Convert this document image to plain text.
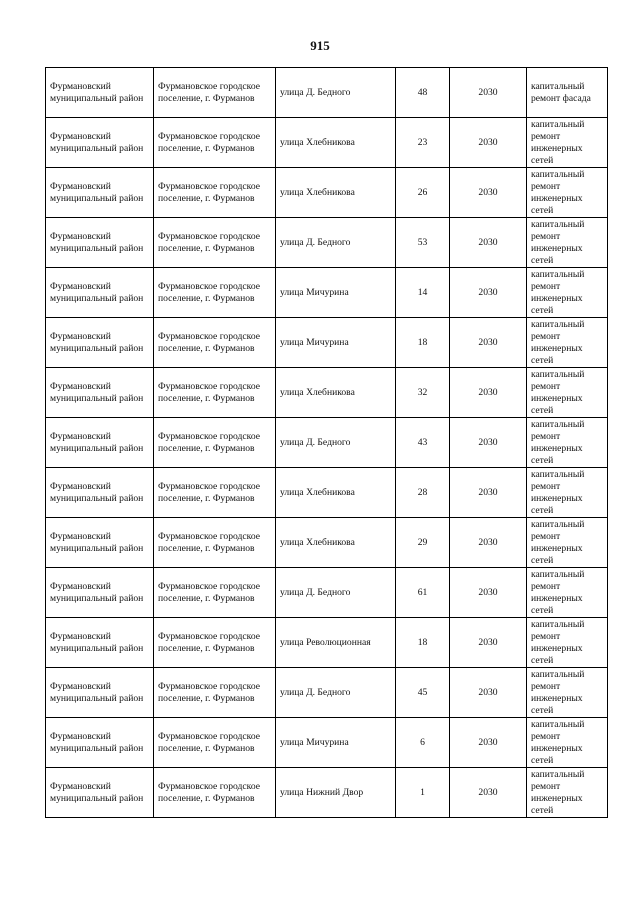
915
Фурмановский муниципальный район	Фурмановское городское поселение, г. Фурманов	улица Д. Бедного	48	2030	капитальный ремонт фасада
Фурмановский муниципальный район	Фурмановское городское поселение, г. Фурманов	улица Хлебникова	23	2030	капитальный ремонт инженерных сетей
Фурмановский муниципальный район	Фурмановское городское поселение, г. Фурманов	улица Хлебникова	26	2030	капитальный ремонт инженерных сетей
Фурмановский муниципальный район	Фурмановское городское поселение, г. Фурманов	улица Д. Бедного	53	2030	капитальный ремонт инженерных сетей
Фурмановский муниципальный район	Фурмановское городское поселение, г. Фурманов	улица Мичурина	14	2030	капитальный ремонт инженерных сетей
Фурмановский муниципальный район	Фурмановское городское поселение, г. Фурманов	улица Мичурина	18	2030	капитальный ремонт инженерных сетей
Фурмановский муниципальный район	Фурмановское городское поселение, г. Фурманов	улица Хлебникова	32	2030	капитальный ремонт инженерных сетей
Фурмановский муниципальный район	Фурмановское городское поселение, г. Фурманов	улица Д. Бедного	43	2030	капитальный ремонт инженерных сетей
Фурмановский муниципальный район	Фурмановское городское поселение, г. Фурманов	улица Хлебникова	28	2030	капитальный ремонт инженерных сетей
Фурмановский муниципальный район	Фурмановское городское поселение, г. Фурманов	улица Хлебникова	29	2030	капитальный ремонт инженерных сетей
Фурмановский муниципальный район	Фурмановское городское поселение, г. Фурманов	улица Д. Бедного	61	2030	капитальный ремонт инженерных сетей
Фурмановский муниципальный район	Фурмановское городское поселение, г. Фурманов	улица Революционная	18	2030	капитальный ремонт инженерных сетей
Фурмановский муниципальный район	Фурмановское городское поселение, г. Фурманов	улица Д. Бедного	45	2030	капитальный ремонт инженерных сетей
Фурмановский муниципальный район	Фурмановское городское поселение, г. Фурманов	улица Мичурина	6	2030	капитальный ремонт инженерных сетей
Фурмановский муниципальный район	Фурмановское городское поселение, г. Фурманов	улица Нижний Двор	1	2030	капитальный ремонт инженерных сетей
